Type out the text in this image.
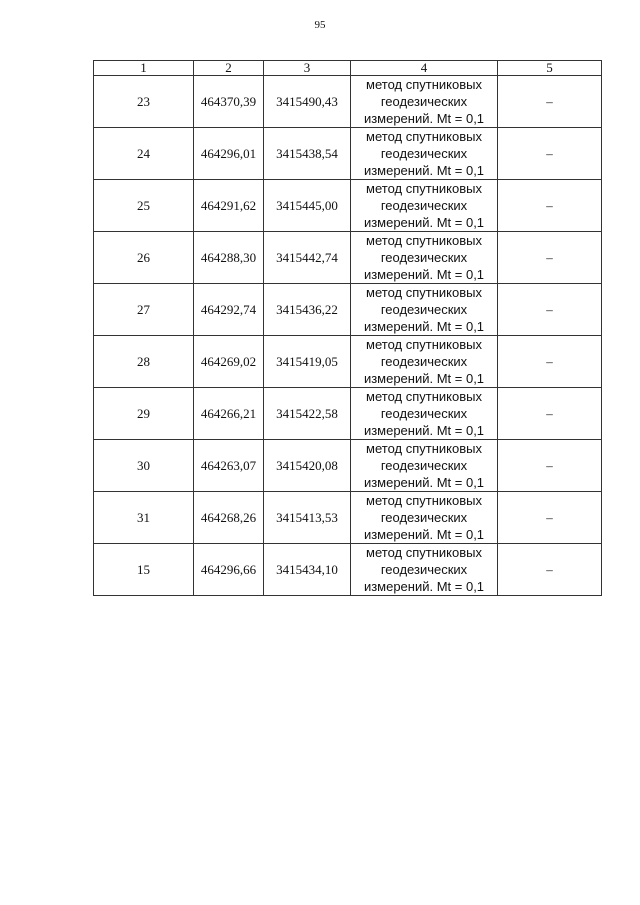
95
1	2	3	4	5
23	464370,39	3415490,43	метод спутниковых
геодезических
измерений. Mt = 0,1	–
24	464296,01	3415438,54	метод спутниковых
геодезических
измерений. Mt = 0,1	–
25	464291,62	3415445,00	метод спутниковых
геодезических
измерений. Mt = 0,1	–
26	464288,30	3415442,74	метод спутниковых
геодезических
измерений. Mt = 0,1	–
27	464292,74	3415436,22	метод спутниковых
геодезических
измерений. Mt = 0,1	–
28	464269,02	3415419,05	метод спутниковых
геодезических
измерений. Mt = 0,1	–
29	464266,21	3415422,58	метод спутниковых
геодезических
измерений. Mt = 0,1	–
30	464263,07	3415420,08	метод спутниковых
геодезических
измерений. Mt = 0,1	–
31	464268,26	3415413,53	метод спутниковых
геодезических
измерений. Mt = 0,1	–
15	464296,66	3415434,10	метод спутниковых
геодезических
измерений. Mt = 0,1	–
